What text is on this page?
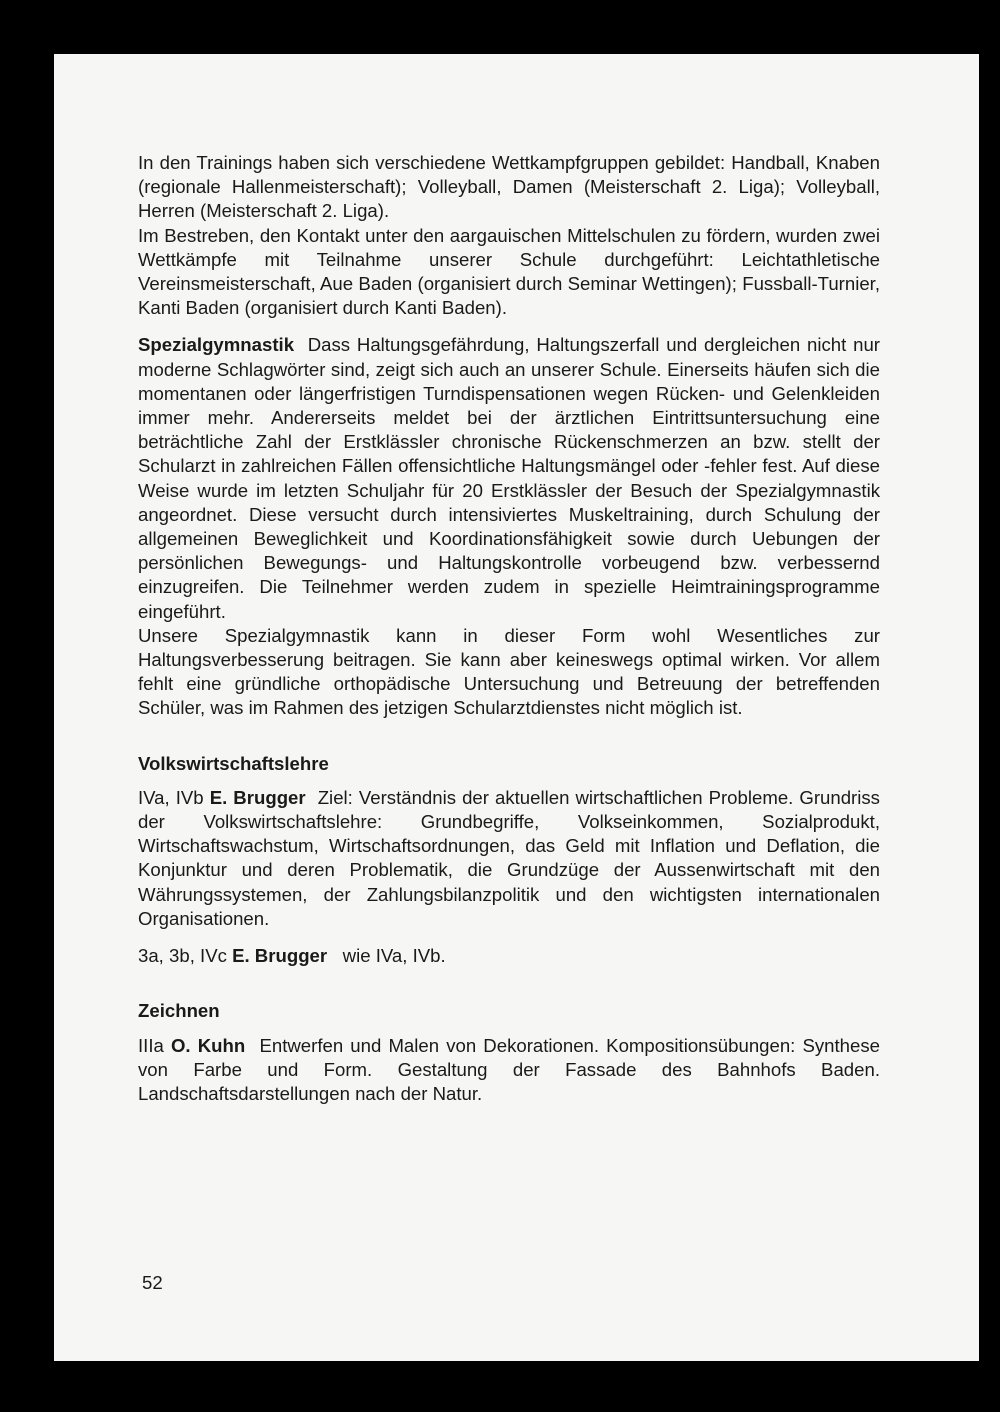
In den Trainings haben sich verschiedene Wettkampfgruppen gebildet: Handball, Knaben (regionale Hallenmeisterschaft); Volleyball, Damen (Meisterschaft 2. Liga); Volleyball, Herren (Meisterschaft 2. Liga).

Im Bestreben, den Kontakt unter den aargauischen Mittelschulen zu fördern, wurden zwei Wettkämpfe mit Teilnahme unserer Schule durchgeführt: Leichtathletische Vereinsmeisterschaft, Aue Baden (organisiert durch Seminar Wettingen); Fussball-Turnier, Kanti Baden (organisiert durch Kanti Baden).

Spezialgymnastik Dass Haltungsgefährdung, Haltungszerfall und dergleichen nicht nur moderne Schlagwörter sind, zeigt sich auch an unserer Schule. Einerseits häufen sich die momentanen oder längerfristigen Turndispensationen wegen Rücken- und Gelenkleiden immer mehr. Andererseits meldet bei der ärztlichen Eintrittsuntersuchung eine beträchtliche Zahl der Erstklässler chronische Rückenschmerzen an bzw. stellt der Schularzt in zahlreichen Fällen offensichtliche Haltungsmängel oder -fehler fest. Auf diese Weise wurde im letzten Schuljahr für 20 Erstklässler der Besuch der Spezialgymnastik angeordnet. Diese versucht durch intensiviertes Muskeltraining, durch Schulung der allgemeinen Beweglichkeit und Koordinationsfähigkeit sowie durch Uebungen der persönlichen Bewegungs- und Haltungskontrolle vorbeugend bzw. verbessernd einzugreifen. Die Teilnehmer werden zudem in spezielle Heimtrainingsprogramme eingeführt.

Unsere Spezialgymnastik kann in dieser Form wohl Wesentliches zur Haltungsverbesserung beitragen. Sie kann aber keineswegs optimal wirken. Vor allem fehlt eine gründliche orthopädische Untersuchung und Betreuung der betreffenden Schüler, was im Rahmen des jetzigen Schularztdienstes nicht möglich ist.

Volkswirtschaftslehre

IVa, IVb E. Brugger Ziel: Verständnis der aktuellen wirtschaftlichen Probleme. Grundriss der Volkswirtschaftslehre: Grundbegriffe, Volkseinkommen, Sozialprodukt, Wirtschaftswachstum, Wirtschaftsordnungen, das Geld mit Inflation und Deflation, die Konjunktur und deren Problematik, die Grundzüge der Aussenwirtschaft mit den Währungssystemen, der Zahlungsbilanzpolitik und den wichtigsten internationalen Organisationen.

3a, 3b, IVc E. Brugger wie IVa, IVb.

Zeichnen

IIIa O. Kuhn Entwerfen und Malen von Dekorationen. Kompositionsübungen: Synthese von Farbe und Form. Gestaltung der Fassade des Bahnhofs Baden. Landschaftsdarstellungen nach der Natur.

52
